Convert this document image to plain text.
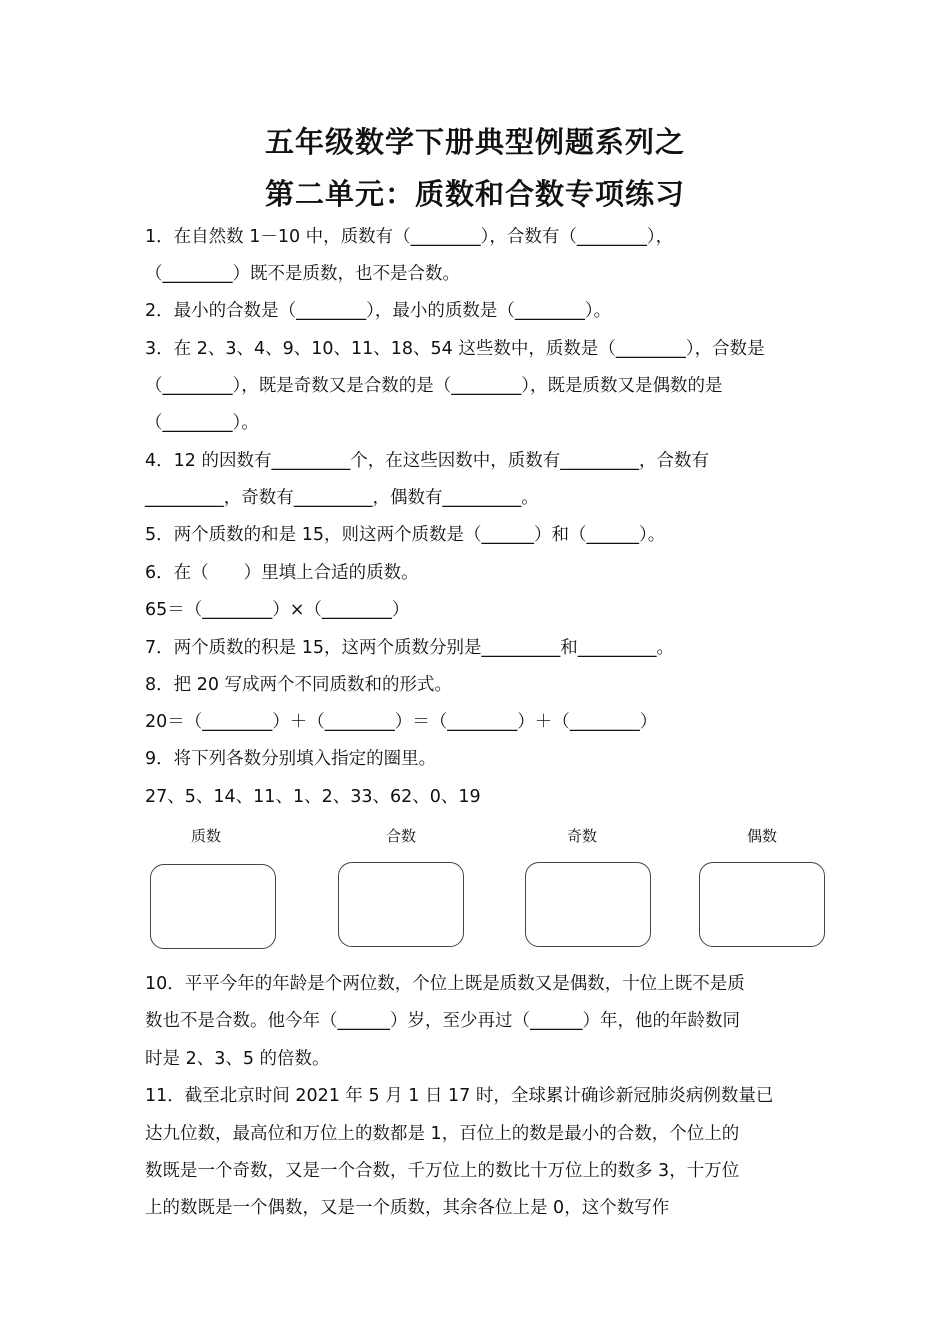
五年级数学下册典型例题系列之
第二单元：质数和合数专项练习
1．在自然数 1－10 中，质数有（________），合数有（________），
（________）既不是质数，也不是合数。
2．最小的合数是（________），最小的质数是（________）。
3．在 2、3、4、9、10、11、18、54 这些数中，质数是（________），合数是
（________），既是奇数又是合数的是（________），既是质数又是偶数的是
（________）。
4．12 的因数有_________个，在这些因数中，质数有_________，合数有
_________，奇数有_________，偶数有_________。
5．两个质数的和是 15，则这两个质数是（______）和（______）。
6．在（　　）里填上合适的质数。
65＝（________）×（________）
7．两个质数的积是 15，这两个质数分别是_________和_________。
8．把 20 写成两个不同质数和的形式。
20＝（________）＋（________）＝（________）＋（________）
9．将下列各数分别填入指定的圈里。
27、5、14、11、1、2、33、62、0、19
质数	合数	奇数	偶数
10．平平今年的年龄是个两位数，个位上既是质数又是偶数，十位上既不是质
数也不是合数。他今年（______）岁，至少再过（______）年，他的年龄数同
时是 2、3、5 的倍数。
11．截至北京时间 2021 年 5 月 1 日 17 时，全球累计确诊新冠肺炎病例数量已
达九位数，最高位和万位上的数都是 1，百位上的数是最小的合数，个位上的
数既是一个奇数，又是一个合数，千万位上的数比十万位上的数多 3，十万位
上的数既是一个偶数，又是一个质数，其余各位上是 0，这个数写作
